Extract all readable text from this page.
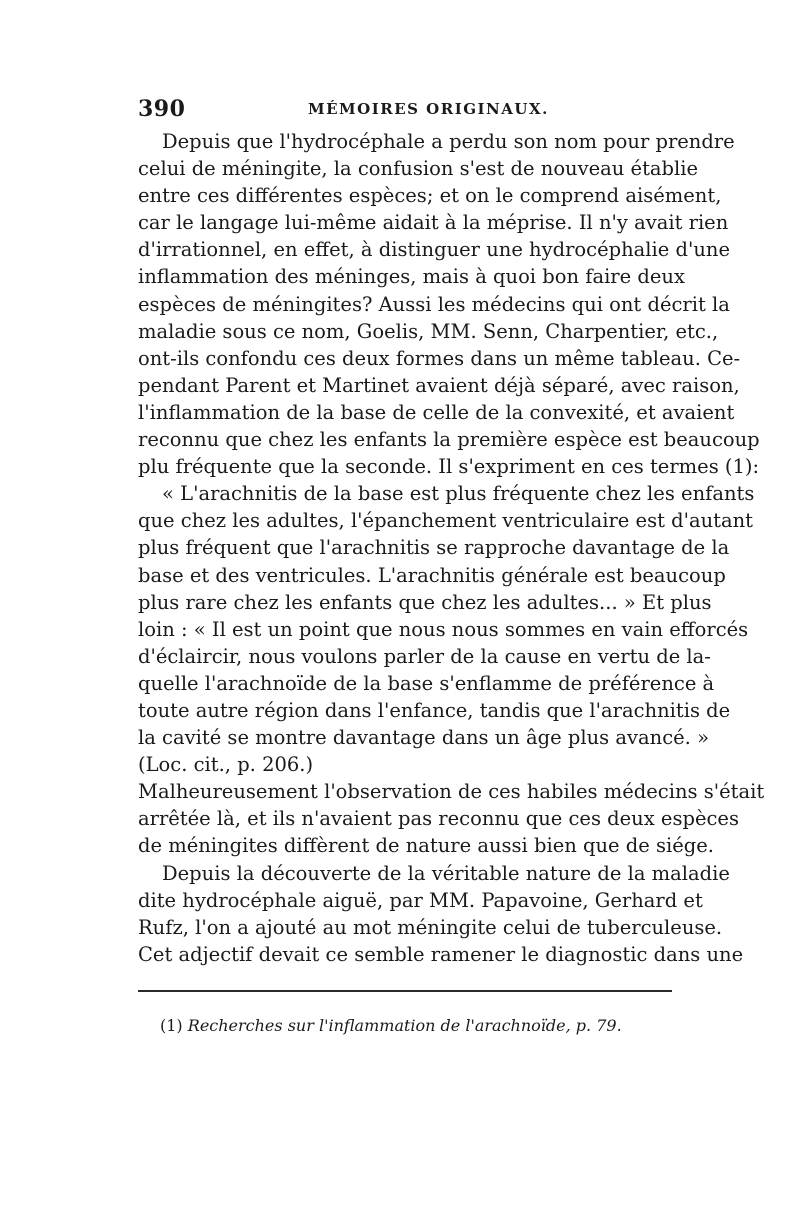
390	MÉMOIRES ORIGINAUX.
Depuis que l'hydrocéphale a perdu son nom pour prendre
celui de méningite, la confusion s'est de nouveau établie
entre ces différentes espèces; et on le comprend aisément,
car le langage lui-même aidait à la méprise. Il n'y avait rien
d'irrationnel, en effet, à distinguer une hydrocéphalie d'une
inflammation des méninges, mais à quoi bon faire deux
espèces de méningites? Aussi les médecins qui ont décrit la
maladie sous ce nom, Goelis, MM. Senn, Charpentier, etc.,
ont-ils confondu ces deux formes dans un même tableau. Ce-
pendant Parent et Martinet avaient déjà séparé, avec raison,
l'inflammation de la base de celle de la convexité, et avaient
reconnu que chez les enfants la première espèce est beaucoup
plu fréquente que la seconde. Il s'expriment en ces termes (1):
« L'arachnitis de la base est plus fréquente chez les enfants
que chez les adultes, l'épanchement ventriculaire est d'autant
plus fréquent que l'arachnitis se rapproche davantage de la
base et des ventricules. L'arachnitis générale est beaucoup
plus rare chez les enfants que chez les adultes... » Et plus
loin : « Il est un point que nous nous sommes en vain efforcés
d'éclaircir, nous voulons parler de la cause en vertu de la-
quelle l'arachnoïde de la base s'enflamme de préférence à
toute autre région dans l'enfance, tandis que l'arachnitis de
la cavité se montre davantage dans un âge plus avancé. »
(Loc. cit., p. 206.)
Malheureusement l'observation de ces habiles médecins s'était
arrêtée là, et ils n'avaient pas reconnu que ces deux espèces
de méningites diffèrent de nature aussi bien que de siége.
Depuis la découverte de la véritable nature de la maladie
dite hydrocéphale aiguë, par MM. Papavoine, Gerhard et
Rufz, l'on a ajouté au mot méningite celui de tuberculeuse.
Cet adjectif devait ce semble ramener le diagnostic dans une
(1) Recherches sur l'inflammation de l'arachnoïde, p. 79.
